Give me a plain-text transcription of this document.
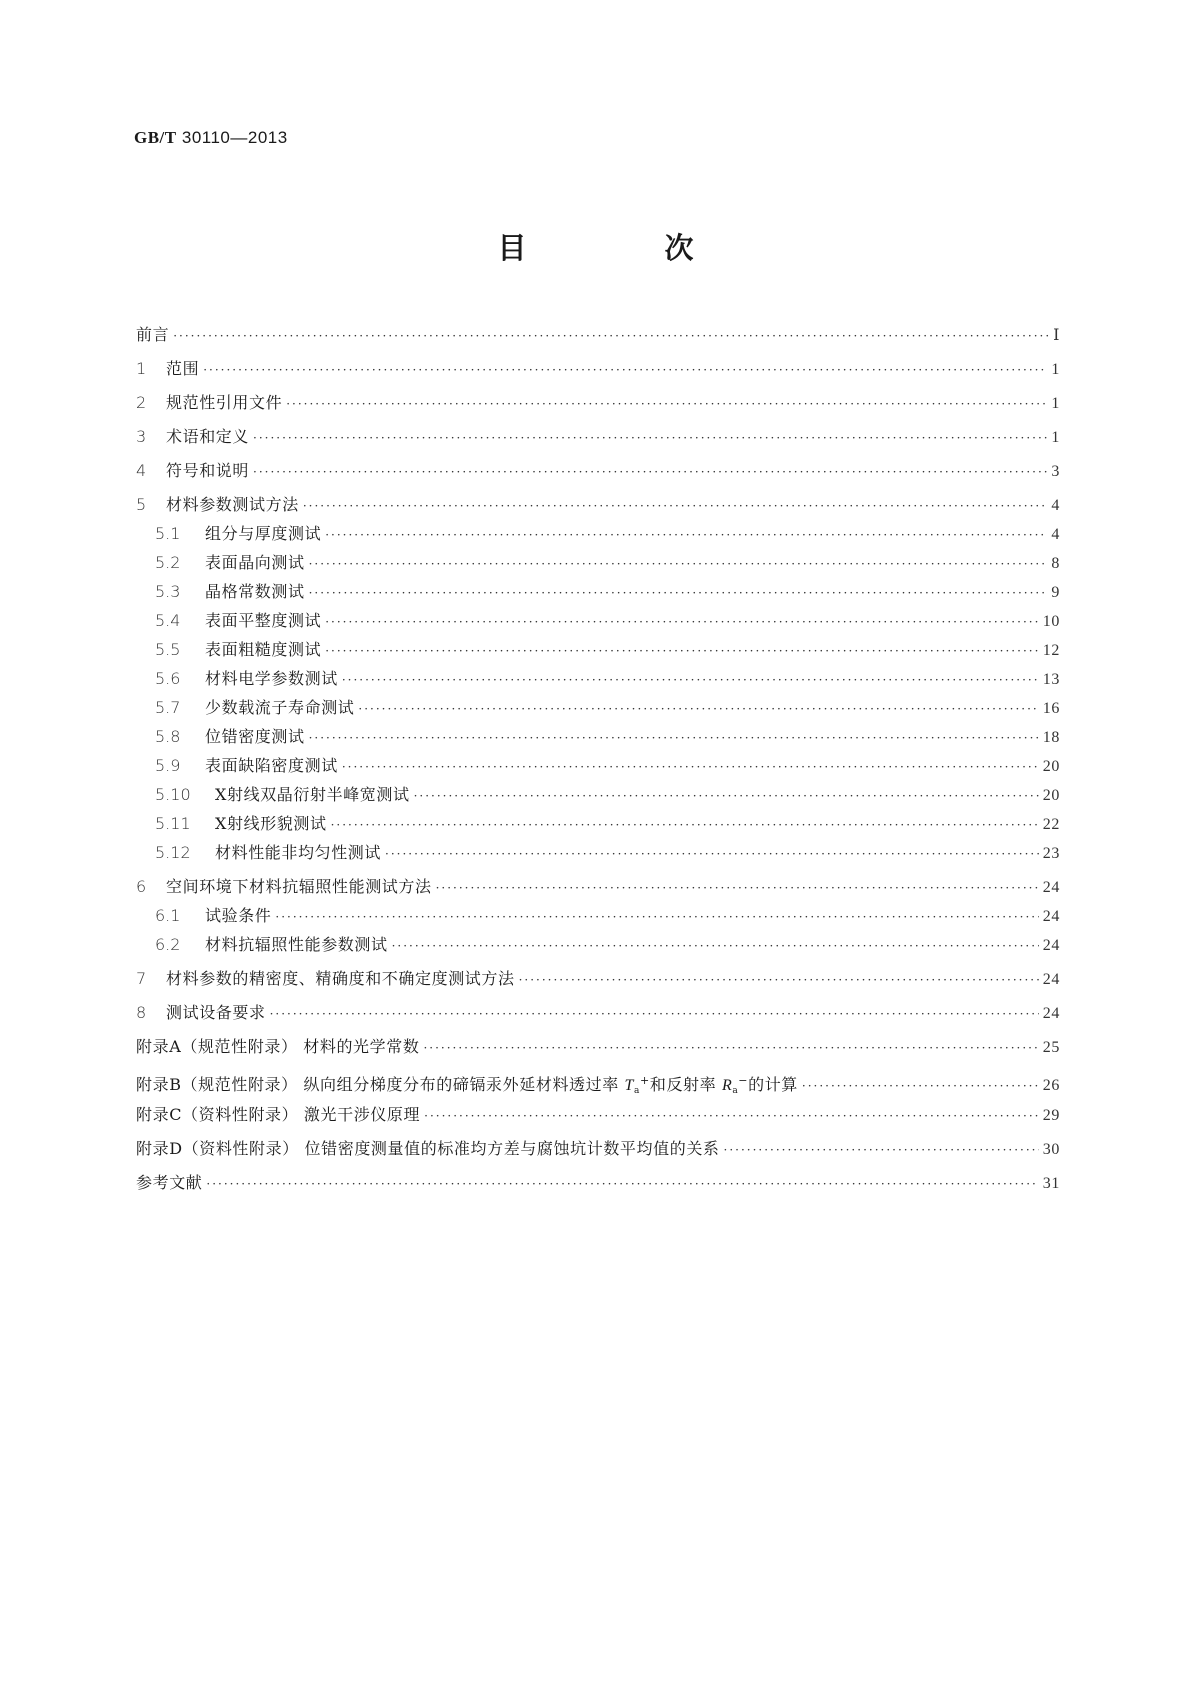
GB/T 30110—2013
目 次
前言 ·····	Ⅰ
1	范围 ·····	1
2	规范性引用文件 ·····	1
3	术语和定义 ·····	1
4	符号和说明 ·····	3
5	材料参数测试方法 ·····	4
5.1	组分与厚度测试 ·····	4
5.2	表面晶向测试 ·····	8
5.3	晶格常数测试 ·····	9
5.4	表面平整度测试 ·····	10
5.5	表面粗糙度测试 ·····	12
5.6	材料电学参数测试 ·····	13
5.7	少数载流子寿命测试 ·····	16
5.8	位错密度测试 ·····	18
5.9	表面缺陷密度测试 ·····	20
5.10	X射线双晶衍射半峰宽测试 ·····	20
5.11	X射线形貌测试 ·····	22
5.12	材料性能非均匀性测试 ·····	23
6	空间环境下材料抗辐照性能测试方法 ·····	24
6.1	试验条件 ·····	24
6.2	材料抗辐照性能参数测试 ·····	24
7	材料参数的精密度、精确度和不确定度测试方法 ·····	24
8	测试设备要求 ·····	24
附录A（规范性附录） 材料的光学常数 ·····	25
附录B（规范性附录） 纵向组分梯度分布的碲镉汞外延材料透过率 Ta+和反射率 Ra−的计算 ·····	26
附录C（资料性附录） 激光干涉仪原理 ·····	29
附录D（资料性附录） 位错密度测量值的标准均方差与腐蚀坑计数平均值的关系 ·····	30
参考文献 ·····	31
